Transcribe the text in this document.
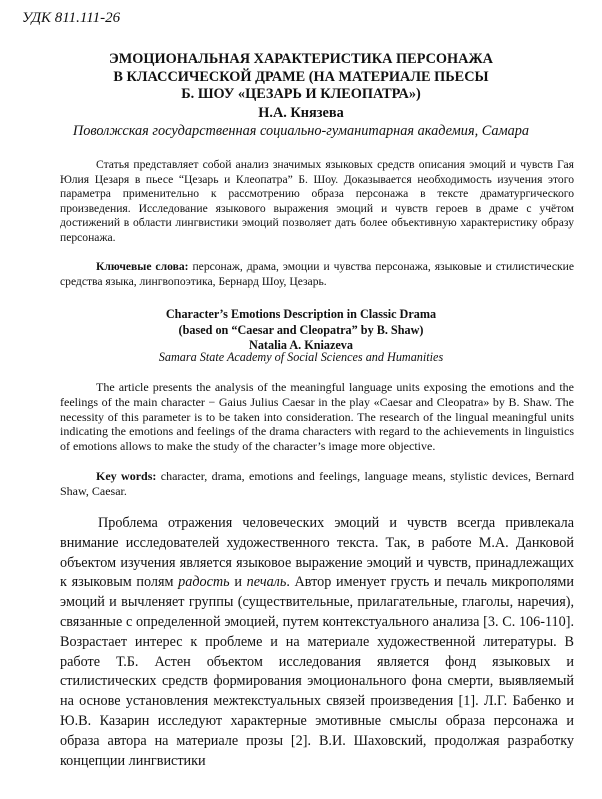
УДК 811.111-26
ЭМОЦИОНАЛЬНАЯ ХАРАКТЕРИСТИКА ПЕРСОНАЖА
В КЛАССИЧЕСКОЙ ДРАМЕ (НА МАТЕРИАЛЕ ПЬЕСЫ
Б. ШОУ «ЦЕЗАРЬ И КЛЕОПАТРА»)
Н.А. Князева
Поволжская государственная социально-гуманитарная академия, Самара
Статья представляет собой анализ значимых языковых средств описания эмоций и чувств Гая Юлия Цезаря в пьесе “Цезарь и Клеопатра” Б. Шоу. Доказывается необходимость изучения этого параметра применительно к рассмотрению образа персонажа в тексте драматургического произведения. Исследование языкового выражения эмоций и чувств героев в драме с учётом достижений в области лингвистики эмоций позволяет дать более объективную характеристику образу персонажа.
Ключевые слова: персонаж, драма, эмоции и чувства персонажа, языковые и стилистические средства языка, лингвопоэтика, Бернард Шоу, Цезарь.
Character’s Emotions Description in Classic Drama
(based on “Caesar and Cleopatra” by B. Shaw)
Natalia A. Kniazeva
Samara State Academy of Social Sciences and Humanities
The article presents the analysis of the meaningful language units exposing the emotions and the feelings of the main character − Gaius Julius Caesar in the play «Caesar and Cleopatra» by B. Shaw. The necessity of this parameter is to be taken into consideration. The research of the lingual meaningful units indicating the emotions and feelings of the drama characters with regard to the achievements in linguistics of emotions allows to make the study of the character’s image more objective.
Key words: character, drama, emotions and feelings, language means, stylistic devices, Bernard Shaw, Caesar.
Проблема отражения человеческих эмоций и чувств всегда привлекала внимание исследователей художественного текста. Так, в работе М.А. Данковой объектом изучения является языковое выражение эмоций и чувств, принадлежащих к языковым полям радость и печаль. Автор именует грусть и печаль микрополями эмоций и вычленяет группы (существительные, прилагательные, глаголы, наречия), связанные с определенной эмоцией, путем контекстуального анализа [3. С. 106-110]. Возрастает интерес к проблеме и на материале художественной литературы. В работе Т.Б. Астен объектом исследования является фонд языковых и стилистических средств формирования эмоционального фона смерти, выявляемый на основе установления межтекстуальных связей произведения [1]. Л.Г. Бабенко и Ю.В. Казарин исследуют характерные эмотивные смыслы образа персонажа и образа автора на материале прозы [2]. В.И. Шаховский, продолжая разработку концепции лингвистики
